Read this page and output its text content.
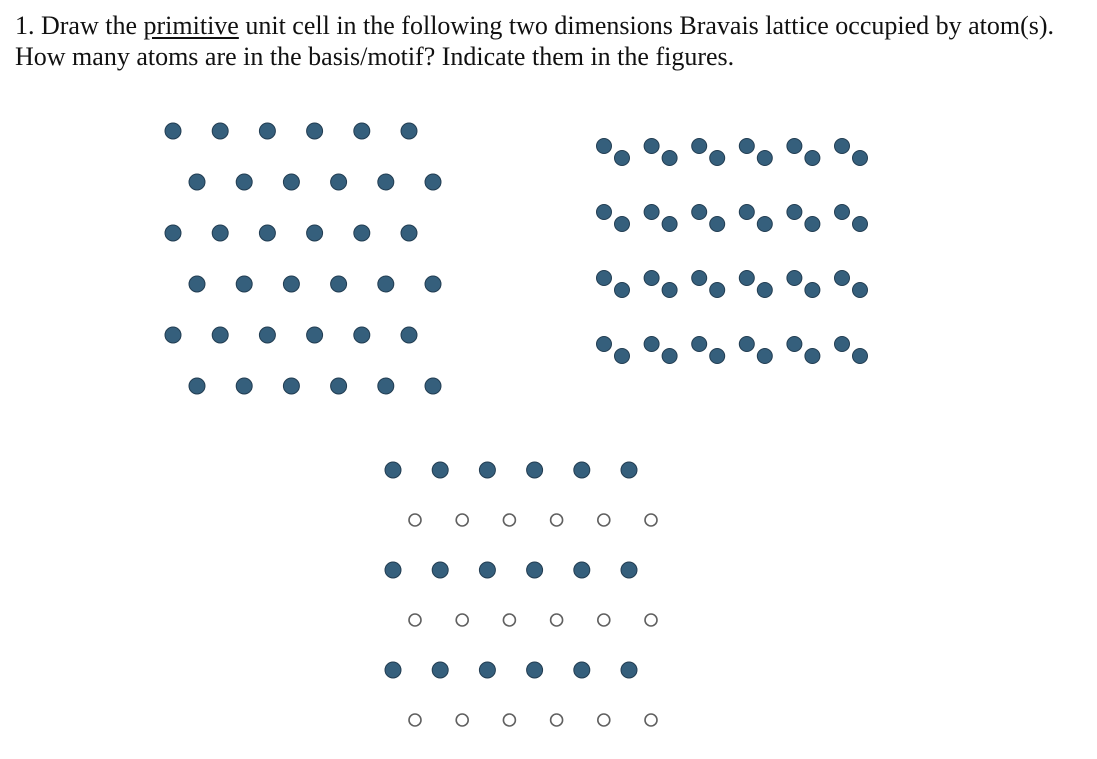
1. Draw the primitive unit cell in the following two dimensions Bravais lattice occupied by atom(s). How many atoms are in the basis/motif? Indicate them in the figures.
